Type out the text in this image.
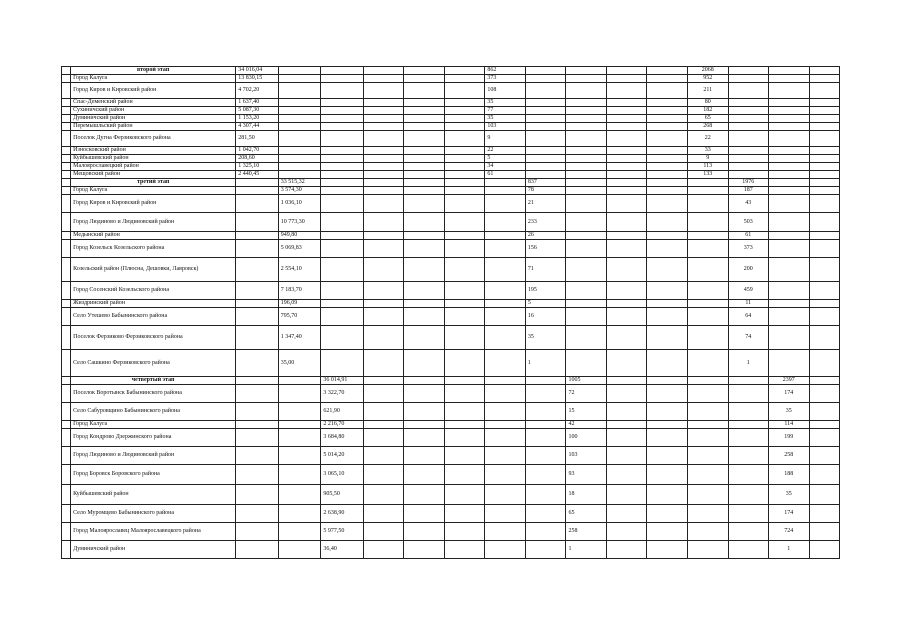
	второй этап	34 016,04						862					2068			
	Город Калуга	13 830,15						373					952			
	Город Киров и Кировский район	4 702,20						108					211			
	Спас-Деменский район	1 637,40						35					80			
	Сухиничский район	5 087,30						77					182			
	Думиничский район	1 153,20						35					65			
	Перемышльский район	4 307,44						103					268			
	Поселок Дугна Ферзиковского района	281,50						9					22			
	Износковский район	1 042,70						22					33			
	Куйбышевский район	208,60						5					9			
	Малоярославецкий район	1 325,10						34					113			
	Мещовский район	2 440,45						61					133			
	третий этап		33 515,32						837					1976		
	Город Калуга		3 574,30						78					187		
	Город Киров и Кировский район		1 036,10						21					43		
	Город Людиново и Людиновский район		10 773,30						233					503		
	Медынский район		949,80						26					61		
	Город Козельск Козельского района		5 069,83						156					373		
	Козельский район (Плюсна, Дешовки, Лавровск)		2 554,10						71					200		
	Город Сосенский Козельского района		7 183,70						195					459		
	Жиздринский район		196,09						5					11		
	Село Утешево Бабынинского района		795,70						16					64		
	Поселок Ферзиково Ферзиковского района		1 347,40						35					74		
	Село Сашкино Ферзиковского района		35,00						1					1		
	четвертый этап			36 014,91						1005					2397	
	Поселок Воротынск Бабынинского района			3 322,70						72					174	
	Село Сабуровщино Бабынинского района			621,90						15					35	
	Город Калуга			2 216,70						42					114	
	Город Кондрово Дзержинского района			3 684,80						100					199	
	Город Людиново и Людиновский район			5 014,20						103					258	
	Город Боровск Боровского района			3 065,10						93					188	
	Куйбышевский район			905,50						18					35	
	Село Муромцево Бабынинского района			2 638,90						65					174	
	Город Малоярославец Малоярославецкого района			5 977,50						258					724	
	Думиничский район			36,40						1					1	
